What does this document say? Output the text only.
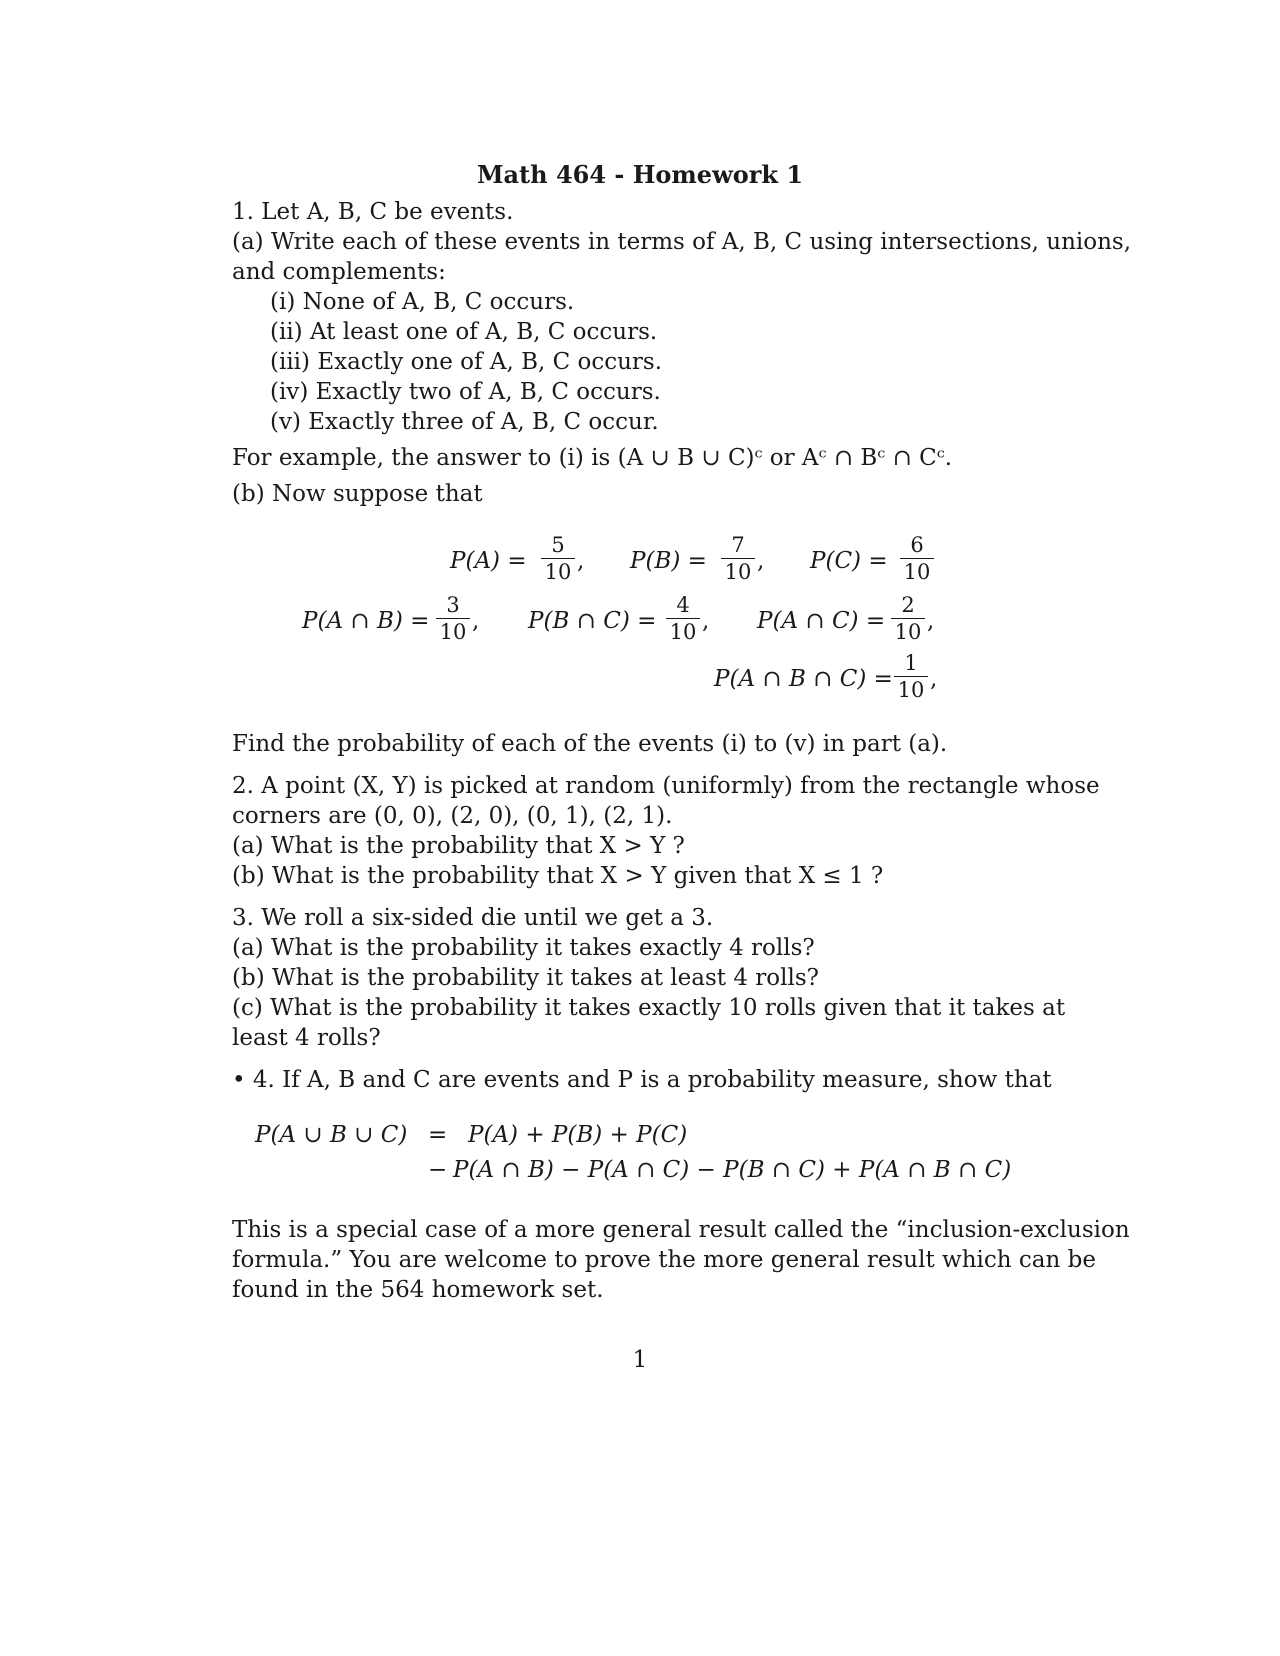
Math 464 - Homework 1
1. Let A, B, C be events.
(a) Write each of these events in terms of A, B, C using intersections, unions,
and complements:
(i) None of A, B, C occurs.
(ii) At least one of A, B, C occurs.
(iii) Exactly one of A, B, C occurs.
(iv) Exactly two of A, B, C occurs.
(v) Exactly three of A, B, C occur.
For example, the answer to (i) is (A ∪ B ∪ C)ᶜ or Aᶜ ∩ Bᶜ ∩ Cᶜ.
(b) Now suppose that
P(A) =
5
10 , P(B) =
7
10 , P(C) =
6
10
P(A ∩ B) =
3
10 , P(B ∩ C) =
4
10 , P(A ∩ C) =
2
10 ,
P(A ∩ B ∩ C) =
1
10 ,
Find the probability of each of the events (i) to (v) in part (a).
2. A point (X, Y) is picked at random (uniformly) from the rectangle whose
corners are (0, 0), (2, 0), (0, 1), (2, 1).
(a) What is the probability that X > Y ?
(b) What is the probability that X > Y given that X ≤ 1 ?
3. We roll a six-sided die until we get a 3.
(a) What is the probability it takes exactly 4 rolls?
(b) What is the probability it takes at least 4 rolls?
(c) What is the probability it takes exactly 10 rolls given that it takes at
least 4 rolls?
• 4. If A, B and C are events and P is a probability measure, show that
P(A ∪ B ∪ C) = P(A) + P(B) + P(C)
− P(A ∩ B) − P(A ∩ C) − P(B ∩ C) + P(A ∩ B ∩ C)
This is a special case of a more general result called the “inclusion-exclusion
formula.” You are welcome to prove the more general result which can be
found in the 564 homework set.
1
